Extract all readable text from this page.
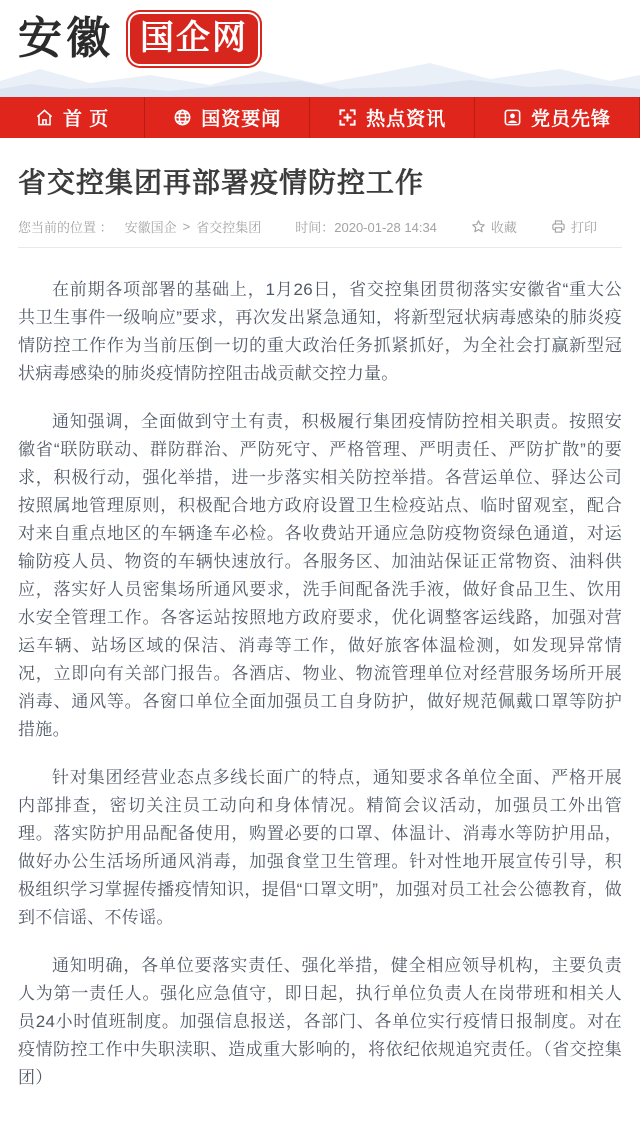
安徽 国企网
首 页	国资要闻	热点资讯	党员先锋
省交控集团再部署疫情防控工作
您当前的位置 ： 安徽国企 > 省交控集团	时间：2020-01-28 14:34	收藏	打印

在前期各项部署的基础上，1月26日，省交控集团贯彻落实安徽省“重大公共卫生事件一级响应”要求，再次发出紧急通知，将新型冠状病毒感染的肺炎疫情防控工作作为当前压倒一切的重大政治任务抓紧抓好，为全社会打赢新型冠状病毒感染的肺炎疫情防控阻击战贡献交控力量。

通知强调，全面做到守土有责，积极履行集团疫情防控相关职责。按照安徽省“联防联动、群防群治、严防死守、严格管理、严明责任、严防扩散”的要求，积极行动，强化举措，进一步落实相关防控举措。各营运单位、驿达公司按照属地管理原则，积极配合地方政府设置卫生检疫站点、临时留观室，配合对来自重点地区的车辆逢车必检。各收费站开通应急防疫物资绿色通道，对运输防疫人员、物资的车辆快速放行。各服务区、加油站保证正常物资、油料供应，落实好人员密集场所通风要求，洗手间配备洗手液，做好食品卫生、饮用水安全管理工作。各客运站按照地方政府要求，优化调整客运线路，加强对营运车辆、站场区域的保洁、消毒等工作，做好旅客体温检测，如发现异常情况，立即向有关部门报告。各酒店、物业、物流管理单位对经营服务场所开展消毒、通风等。各窗口单位全面加强员工自身防护，做好规范佩戴口罩等防护措施。

针对集团经营业态点多线长面广的特点，通知要求各单位全面、严格开展内部排查，密切关注员工动向和身体情况。精简会议活动，加强员工外出管理。落实防护用品配备使用，购置必要的口罩、体温计、消毒水等防护用品，做好办公生活场所通风消毒，加强食堂卫生管理。针对性地开展宣传引导，积极组织学习掌握传播疫情知识，提倡“口罩文明”，加强对员工社会公德教育，做到不信谣、不传谣。

通知明确，各单位要落实责任、强化举措，健全相应领导机构，主要负责人为第一责任人。强化应急值守，即日起，执行单位负责人在岗带班和相关人员24小时值班制度。加强信息报送，各部门、各单位实行疫情日报制度。对在疫情防控工作中失职渎职、造成重大影响的，将依纪依规追究责任。（省交控集团）
